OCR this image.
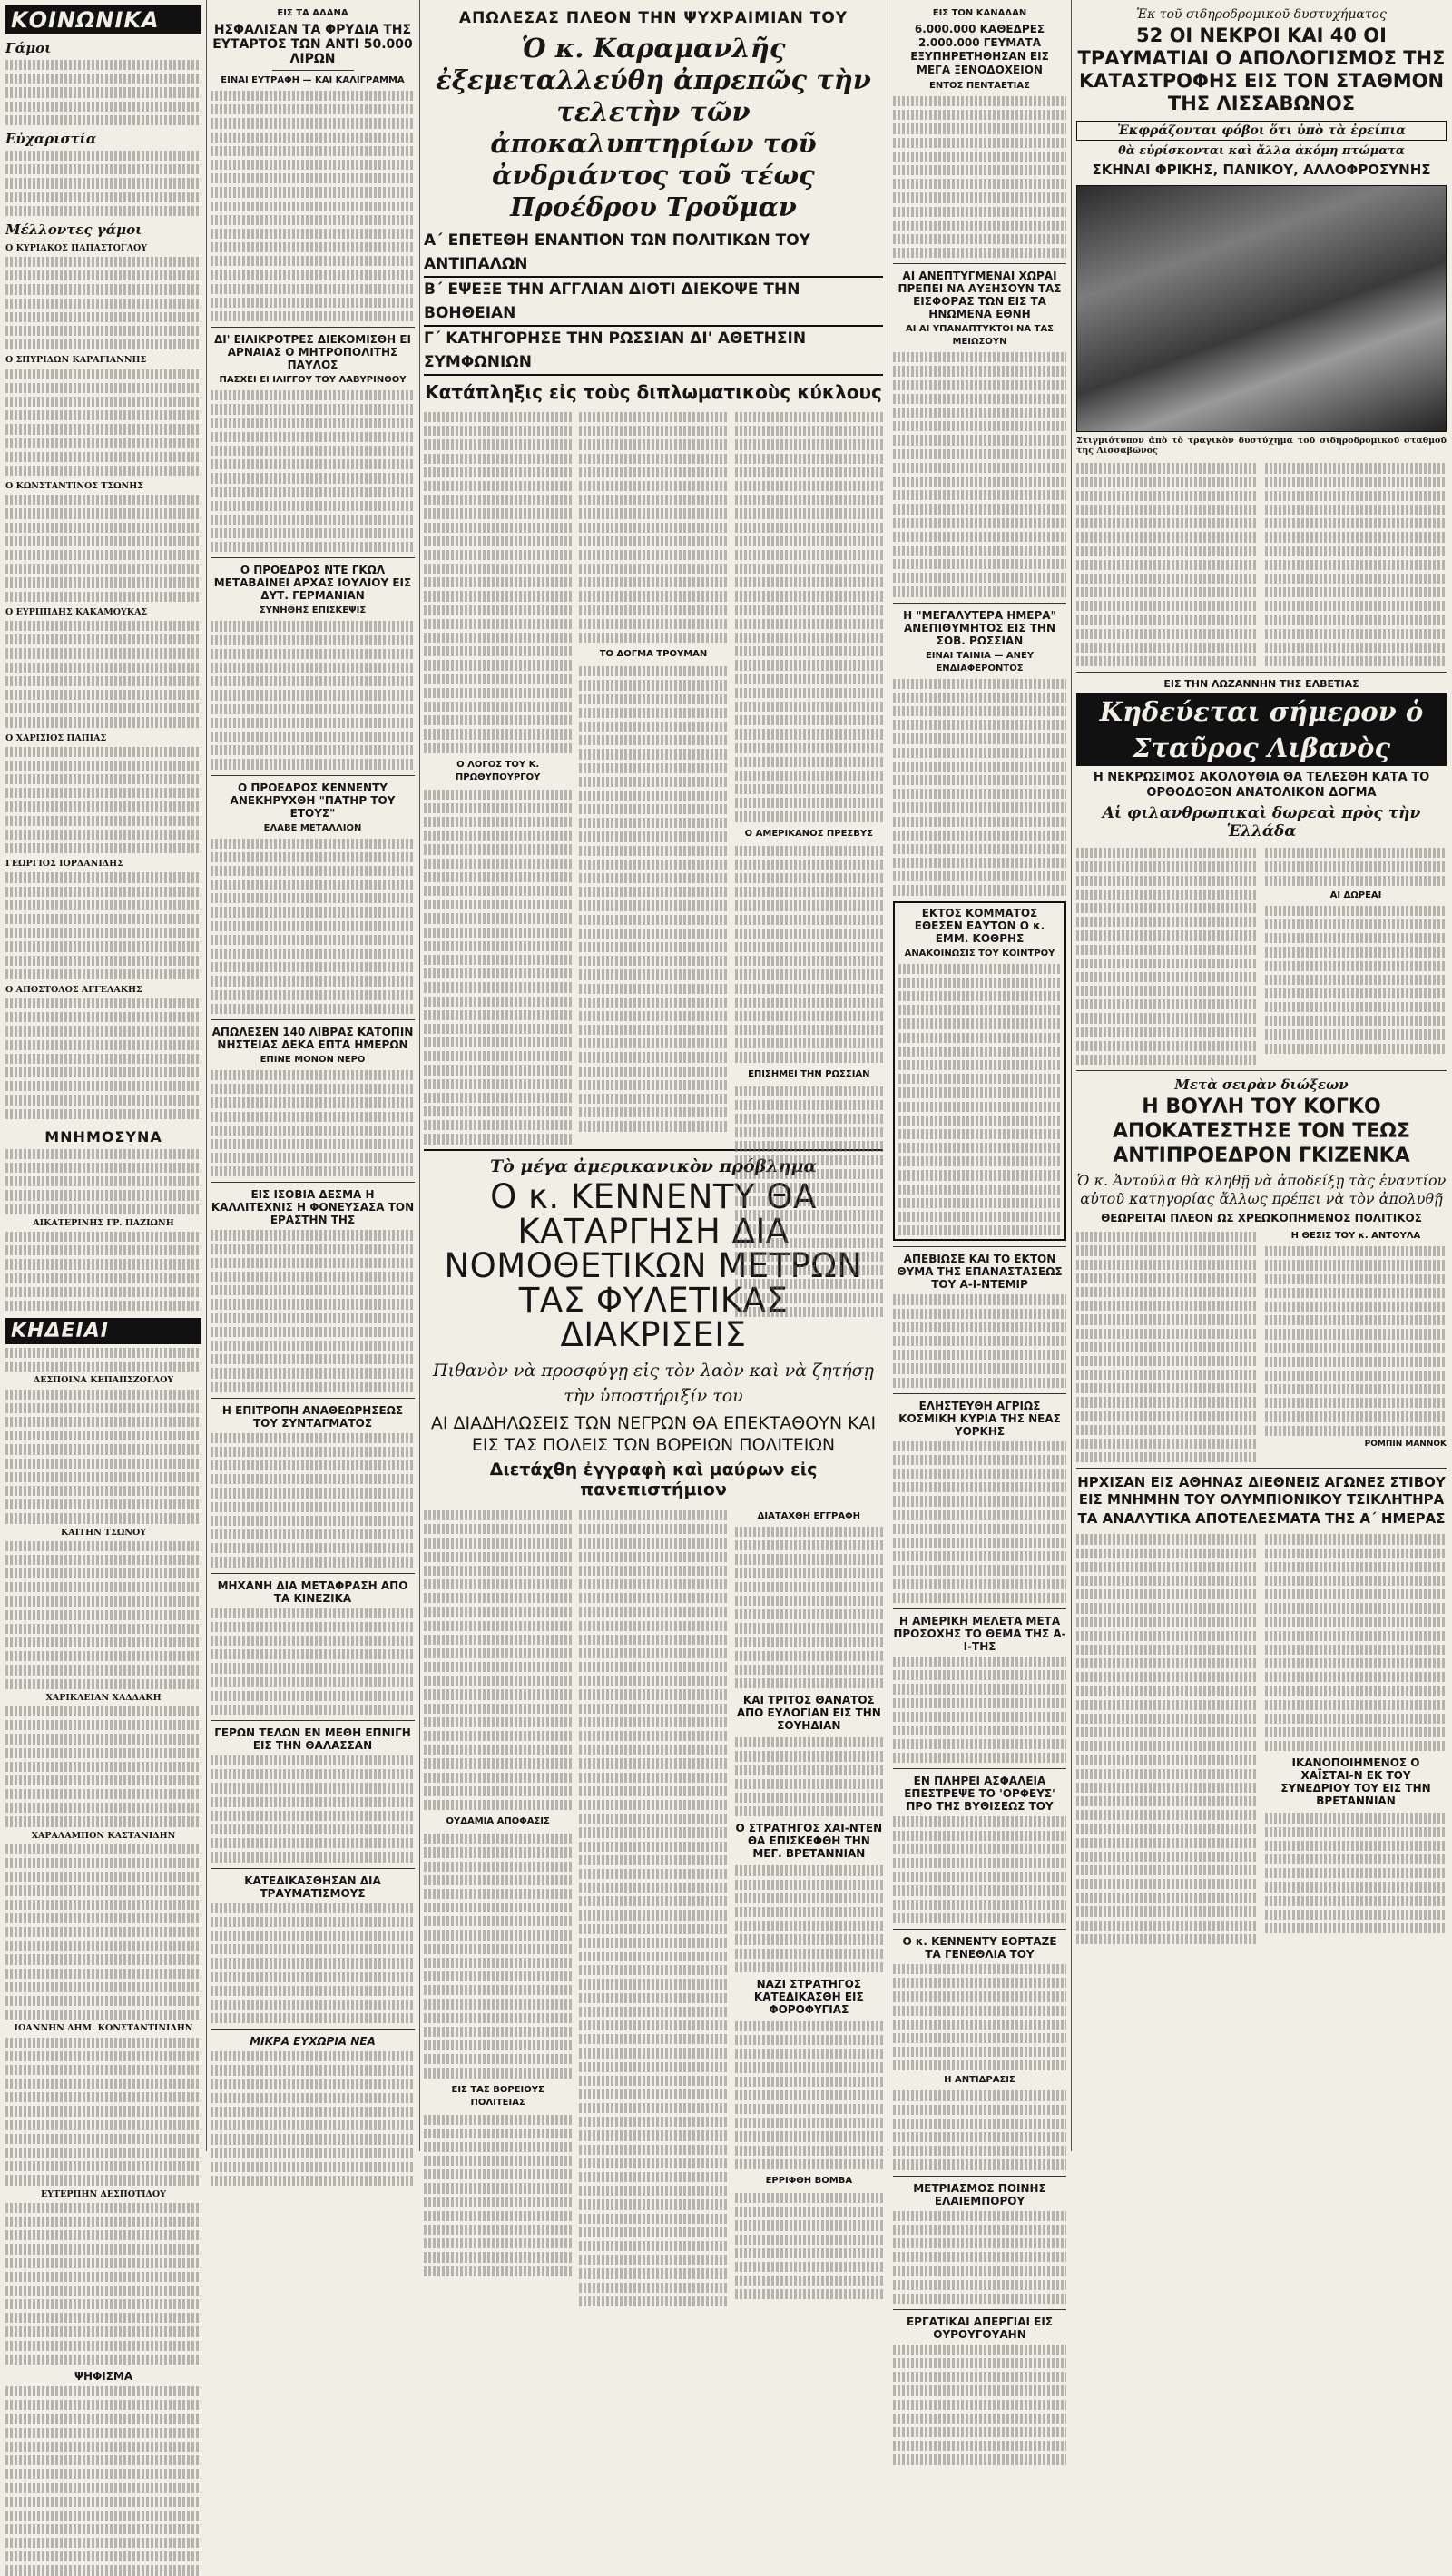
ΚΟΙΝΩΝΙΚΑ
Γάμοι
Εὐχαριστία
Μέλλοντες γάμοι
Ο ΚΥΡΙΑΚΟΣ ΠΑΠΑΣΤΟΓΛΟΥ
Ο ΣΠΥΡΙΔΩΝ ΚΑΡΑΓΙΑΝΝΗΣ
Ο ΚΩΝΣΤΑΝΤΙΝΟΣ ΤΣΩΝΗΣ
Ο ΕΥΡΙΠΙΔΗΣ ΚΑΚΑΜΟΥΚΑΣ
Ο ΧΑΡΙΣΙΟΣ ΠΑΠΙΑΣ
ΓΕΩΡΓΙΟΣ ΙΟΡΔΑΝΙΔΗΣ
Ο ΑΠΟΣΤΟΛΟΣ ΑΓΓΕΛΑΚΗΣ
ΜΝΗΜΟΣΥΝΑ
ΑΙΚΑΤΕΡΙΝΗΣ ΓΡ. ΠΑΖΙΩΝΗ
ΚΗΔΕΙΑΙ
ΔΕΣΠΟΙΝΑ ΚΕΠΑΠΣΖΟΓΛΟΥ
ΚΑΙΤΗΝ ΤΣΩΝΟΥ
ΧΑΡΙΚΛΕΙΑΝ ΧΑΔΔΑΚΗ
ΧΑΡΑΛΑΜΠΟΝ ΚΑΣΤΑΝΙΔΗΝ
ΙΩΑΝΝΗΝ ΔΗΜ. ΚΩΝΣΤΑΝΤΙΝΙΔΗΝ
ΕΥΤΕΡΠΗΝ ΔΕΣΠΟΤΙΔΟΥ
ΨΗΦΙΣΜΑ
ΕΙΣ ΤΑ ΑΔΑΝΑ
ΗΣΦΑΛΙΣΑΝ ΤΑ ΦΡΥΔΙΑ ΤΗΣ ΕΥΤΑΡΤΟΣ ΤΩΝ ΑΝΤΙ 50.000 ΛΙΡΩΝ
ΕΙΝΑΙ ΕΥΤΡΑΦΗ — ΚΑΙ ΚΑΛΙΓΡΑΜΜΑ
ΔΙ' ΕΙΛΙΚΡΟΤΡΕΣ ΔΙΕΚΟΜΙΣΘΗ ΕΙ ΑΡΝΑΙΑΣ Ο ΜΗΤΡΟΠΟΛΙΤΗΣ ΠΑΥΛΟΣ
ΠΑΣΧΕΙ ΕΙ ΙΛΙΓΓΟΥ ΤΟΥ ΛΑΒΥΡΙΝΘΟΥ
Ο ΠΡΟΕΔΡΟΣ ΝΤΕ ΓΚΩΛ ΜΕΤΑΒΑΙΝΕΙ ΑΡΧΑΣ ΙΟΥΛΙΟΥ ΕΙΣ ΔΥΤ. ΓΕΡΜΑΝΙΑΝ
ΣΥΝΗΘΗΣ ΕΠΙΣΚΕΨΙΣ
Ο ΠΡΟΕΔΡΟΣ ΚΕΝΝΕΝΤΥ ΑΝΕΚΗΡΥΧΘΗ "ΠΑΤΗΡ ΤΟΥ ΕΤΟΥΣ"
ΕΛΑΒΕ ΜΕΤΑΛΛΙΟΝ
ΑΠΩΛΕΣΕΝ 140 ΛΙΒΡΑΣ ΚΑΤΟΠΙΝ ΝΗΣΤΕΙΑΣ ΔΕΚΑ ΕΠΤΑ ΗΜΕΡΩΝ
ΕΠΙΝΕ ΜΟΝΟΝ ΝΕΡΟ
ΕΙΣ ΙΣΟΒΙΑ ΔΕΣΜΑ Η ΚΑΛΛΙΤΕΧΝΙΣ Η ΦΟΝΕΥΣΑΣΑ ΤΟΝ ΕΡΑΣΤΗΝ ΤΗΣ
Η ΕΠΙΤΡΟΠΗ ΑΝΑΘΕΩΡΗΣΕΩΣ ΤΟΥ ΣΥΝΤΑΓΜΑΤΟΣ
ΜΗΧΑΝΗ ΔΙΑ ΜΕΤΑΦΡΑΣΗ ΑΠΟ ΤΑ ΚΙΝΕΖΙΚΑ
ΓΕΡΩΝ ΤΕΛΩΝ ΕΝ ΜΕΘΗ ΕΠΝΙΓΗ ΕΙΣ ΤΗΝ ΘΑΛΑΣΣΑΝ
ΚΑΤΕΔΙΚΑΣΘΗΣΑΝ ΔΙΑ ΤΡΑΥΜΑΤΙΣΜΟΥΣ
ΜΙΚΡΑ ΕΥΧΩΡΙΑ ΝΕΑ
ΑΠΩΛΕΣΑΣ ΠΛΕΟΝ ΤΗΝ ΨΥΧΡΑΙΜΙΑΝ ΤΟΥ
Ὁ κ. Καραμανλῆς ἐξεμεταλλεύθη ἀπρεπῶς τὴν τελετὴν τῶν ἀποκαλυπτηρίων τοῦ ἀνδριάντος τοῦ τέως Προέδρου Τροῦμαν
Α΄ ΕΠΕΤΕΘΗ ΕΝΑΝΤΙΟΝ ΤΩΝ ΠΟΛΙΤΙΚΩΝ ΤΟΥ ΑΝΤΙΠΑΛΩΝ
Β΄ ΕΨΕΞΕ ΤΗΝ ΑΓΓΛΙΑΝ ΔΙΟΤΙ ΔΙΕΚΟΨΕ ΤΗΝ ΒΟΗΘΕΙΑΝ
Γ΄ ΚΑΤΗΓΟΡΗΣΕ ΤΗΝ ΡΩΣΣΙΑΝ ΔΙ' ΑΘΕΤΗΣΙΝ ΣΥΜΦΩΝΙΩΝ
Κατάπληξις εἰς τοὺς διπλωματικοὺς κύκλους
Ο ΛΟΓΟΣ ΤΟΥ Κ. ΠΡΩΘΥΠΟΥΡΓΟΥ
ΤΟ ΔΟΓΜΑ ΤΡΟΥΜΑΝ
Ο ΑΜΕΡΙΚΑΝΟΣ ΠΡΕΣΒΥΣ
ΕΠΙΣΗΜΕΙ ΤΗΝ ΡΩΣΣΙΑΝ
Τὸ μέγα ἀμερικανικὸν πρόβλημα
Ο κ. ΚΕΝΝΕΝΤΥ ΘΑ ΚΑΤΑΡΓΗΣΗ ΔΙΑ ΝΟΜΟΘΕΤΙΚΩΝ ΜΕΤΡΩΝ ΤΑΣ ΦΥΛΕΤΙΚΑΣ ΔΙΑΚΡΙΣΕΙΣ
Πιθανὸν νὰ προσφύγῃ εἰς τὸν λαὸν καὶ νὰ ζητήσῃ τὴν ὑποστήριξίν του
ΑΙ ΔΙΑΔΗΛΩΣΕΙΣ ΤΩΝ ΝΕΓΡΩΝ ΘΑ ΕΠΕΚΤΑΘΟΥΝ ΚΑΙ ΕΙΣ ΤΑΣ ΠΟΛΕΙΣ ΤΩΝ ΒΟΡΕΙΩΝ ΠΟΛΙΤΕΙΩΝ
Διετάχθη ἐγγραφὴ καὶ μαύρων εἰς πανεπιστήμιον
ΟΥΔΑΜΙΑ ΑΠΟΦΑΣΙΣ
ΕΙΣ ΤΑΣ ΒΟΡΕΙΟΥΣ ΠΟΛΙΤΕΙΑΣ
ΔΙΑΤΑΧΘΗ ΕΓΓΡΑΦΗ
ΚΑΙ ΤΡΙΤΟΣ ΘΑΝΑΤΟΣ ΑΠΟ ΕΥΛΟΓΙΑΝ ΕΙΣ ΤΗΝ ΣΟΥΗΔΙΑΝ
Ο ΣΤΡΑΤΗΓΟΣ ΧΑΙ-ΝΤΕΝ ΘΑ ΕΠΙΣΚΕΦΘΗ ΤΗΝ ΜΕΓ. ΒΡΕΤΑΝΝΙΑΝ
ΝΑΖΙ ΣΤΡΑΤΗΓΟΣ ΚΑΤΕΔΙΚΑΣΘΗ ΕΙΣ ΦΟΡΟΦΥΓΙΑΣ
ΕΡΡΙΦΘΗ ΒΟΜΒΑ
ΕΙΣ ΤΟΝ ΚΑΝΑΔΑΝ
6.000.000 ΚΑΘΕΔΡΕΣ 2.000.000 ΓΕΥΜΑΤΑ ΕΞΥΠΗΡΕΤΗΘΗΣΑΝ ΕΙΣ ΜΕΓΑ ΞΕΝΟΔΟΧΕΙΟΝ
ΕΝΤΟΣ ΠΕΝΤΑΕΤΙΑΣ
ΑΙ ΑΝΕΠΤΥΓΜΕΝΑΙ ΧΩΡΑΙ ΠΡΕΠΕΙ ΝΑ ΑΥΞΗΣΟΥΝ ΤΑΣ ΕΙΣΦΟΡΑΣ ΤΩΝ ΕΙΣ ΤΑ ΗΝΩΜΕΝΑ ΕΘΝΗ
ΑΙ ΑΙ ΥΠΑΝΑΠΤΥΚΤΟΙ ΝΑ ΤΑΣ ΜΕΙΩΣΟΥΝ
Η "ΜΕΓΑΛΥΤΕΡΑ ΗΜΕΡΑ" ΑΝΕΠΙΘΥΜΗΤΟΣ ΕΙΣ ΤΗΝ ΣΟΒ. ΡΩΣΣΙΑΝ
ΕΙΝΑΙ ΤΑΙΝΙΑ — ΑΝΕΥ ΕΝΔΙΑΦΕΡΟΝΤΟΣ
ΕΚΤΟΣ ΚΟΜΜΑΤΟΣ ΕΘΕΣΕΝ ΕΑΥΤΟΝ Ο κ. ΕΜΜ. ΚΟΘΡΗΣ
ΑΝΑΚΟΙΝΩΣΙΣ ΤΟΥ ΚΟΙΝΤΡΟΥ
ΑΠΕΒΙΩΣΕ ΚΑΙ ΤΟ ΕΚΤΟΝ ΘΥΜΑ ΤΗΣ ΕΠΑΝΑΣΤΑΣΕΩΣ ΤΟΥ Α-Ι-ΝΤΕΜΙΡ
ΕΛΗΣΤΕΥΘΗ ΑΓΡΙΩΣ ΚΟΣΜΙΚΗ ΚΥΡΙΑ ΤΗΣ ΝΕΑΣ ΥΟΡΚΗΣ
Η ΑΜΕΡΙΚΗ ΜΕΛΕΤΑ ΜΕΤΑ ΠΡΟΣΟΧΗΣ ΤΟ ΘΕΜΑ ΤΗΣ Α-Ι-ΤΗΣ
ΕΝ ΠΛΗΡΕΙ ΑΣΦΑΛΕΙΑ ΕΠΕΣΤΡΕΨΕ ΤΟ 'ΟΡΦΕΥΣ' ΠΡΟ ΤΗΣ ΒΥΘΙΣΕΩΣ ΤΟΥ
Ο κ. ΚΕΝΝΕΝΤΥ ΕΟΡΤΑΖΕ ΤΑ ΓΕΝΕΘΛΙΑ ΤΟΥ
Η ΑΝΤΙΔΡΑΣΙΣ
ΜΕΤΡΙΑΣΜΟΣ ΠΟΙΝΗΣ ΕΛΑΙΕΜΠΟΡΟΥ
ΕΡΓΑΤΙΚΑΙ ΑΠΕΡΓΙΑΙ ΕΙΣ ΟΥΡΟΥΓΟΥΑΗΝ
Ἐκ τοῦ σιδηροδρομικοῦ δυστυχήματος
52 ΟΙ ΝΕΚΡΟΙ ΚΑΙ 40 ΟΙ ΤΡΑΥΜΑΤΙΑΙ Ο ΑΠΟΛΟΓΙΣΜΟΣ ΤΗΣ ΚΑΤΑΣΤΡΟΦΗΣ ΕΙΣ ΤΟΝ ΣΤΑΘΜΟΝ ΤΗΣ ΛΙΣΣΑΒΩΝΟΣ
Ἐκφράζονται φόβοι ὅτι ὑπὸ τὰ ἐρείπια
θὰ εὑρίσκονται καὶ ἄλλα ἀκόμη πτώματα
ΣΚΗΝΑΙ ΦΡΙΚΗΣ, ΠΑΝΙΚΟΥ, ΑΛΛΟΦΡΟΣΥΝΗΣ
Στιγμιότυπον ἀπὸ τὸ τραγικὸν δυστύχημα τοῦ σιδηροδρομικοῦ σταθμοῦ τῆς Λισσαβῶνος
ΕΙΣ ΤΗΝ ΛΩΖΑΝΝΗΝ ΤΗΣ ΕΛΒΕΤΙΑΣ
Κηδεύεται σήμερον ὁ Σταῦρος Λιβανὸς
Η ΝΕΚΡΩΣΙΜΟΣ ΑΚΟΛΟΥΘΙΑ ΘΑ ΤΕΛΕΣΘΗ ΚΑΤΑ ΤΟ ΟΡΘΟΔΟΞΟΝ ΑΝΑΤΟΛΙΚΟΝ ΔΟΓΜΑ
Αἱ φιλανθρωπικαὶ δωρεαὶ πρὸς τὴν Ἑλλάδα
ΑΙ ΔΩΡΕΑΙ
Μετὰ σειρὰν διώξεων
Η ΒΟΥΛΗ ΤΟΥ ΚΟΓΚΟ ΑΠΟΚΑΤΕΣΤΗΣΕ ΤΟΝ ΤΕΩΣ ΑΝΤΙΠΡΟΕΔΡΟΝ ΓΚΙΖΕΝΚΑ
Ὁ κ. Ἀντούλα θὰ κληθῇ νὰ ἀποδείξῃ τὰς ἐναντίον αὐτοῦ κατηγορίας ἄλλως πρέπει νὰ τὸν ἀπολυθῇ
ΘΕΩΡΕΙΤΑΙ ΠΛΕΟΝ ΩΣ ΧΡΕΩΚΟΠΗΜΕΝΟΣ ΠΟΛΙΤΙΚΟΣ
Η ΘΕΣΙΣ ΤΟΥ κ. ΑΝΤΟΥΛΑ
ΡΟΜΠΙΝ ΜΑΝΝΟΚ
ΗΡΧΙΣΑΝ ΕΙΣ ΑΘΗΝΑΣ ΔΙΕΘΝΕΙΣ ΑΓΩΝΕΣ ΣΤΙΒΟΥ ΕΙΣ ΜΝΗΜΗΝ ΤΟΥ ΟΛΥΜΠΙΟΝΙΚΟΥ ΤΣΙΚΛΗΤΗΡΑ
ΤΑ ΑΝΑΛΥΤΙΚΑ ΑΠΟΤΕΛΕΣΜΑΤΑ ΤΗΣ Α΄ ΗΜΕΡΑΣ
ΙΚΑΝΟΠΟΙΗΜΕΝΟΣ Ο ΧΑΪΣΤΑΙ-Ν ΕΚ ΤΟΥ ΣΥΝΕΔΡΙΟΥ ΤΟΥ ΕΙΣ ΤΗΝ ΒΡΕΤΑΝΝΙΑΝ
